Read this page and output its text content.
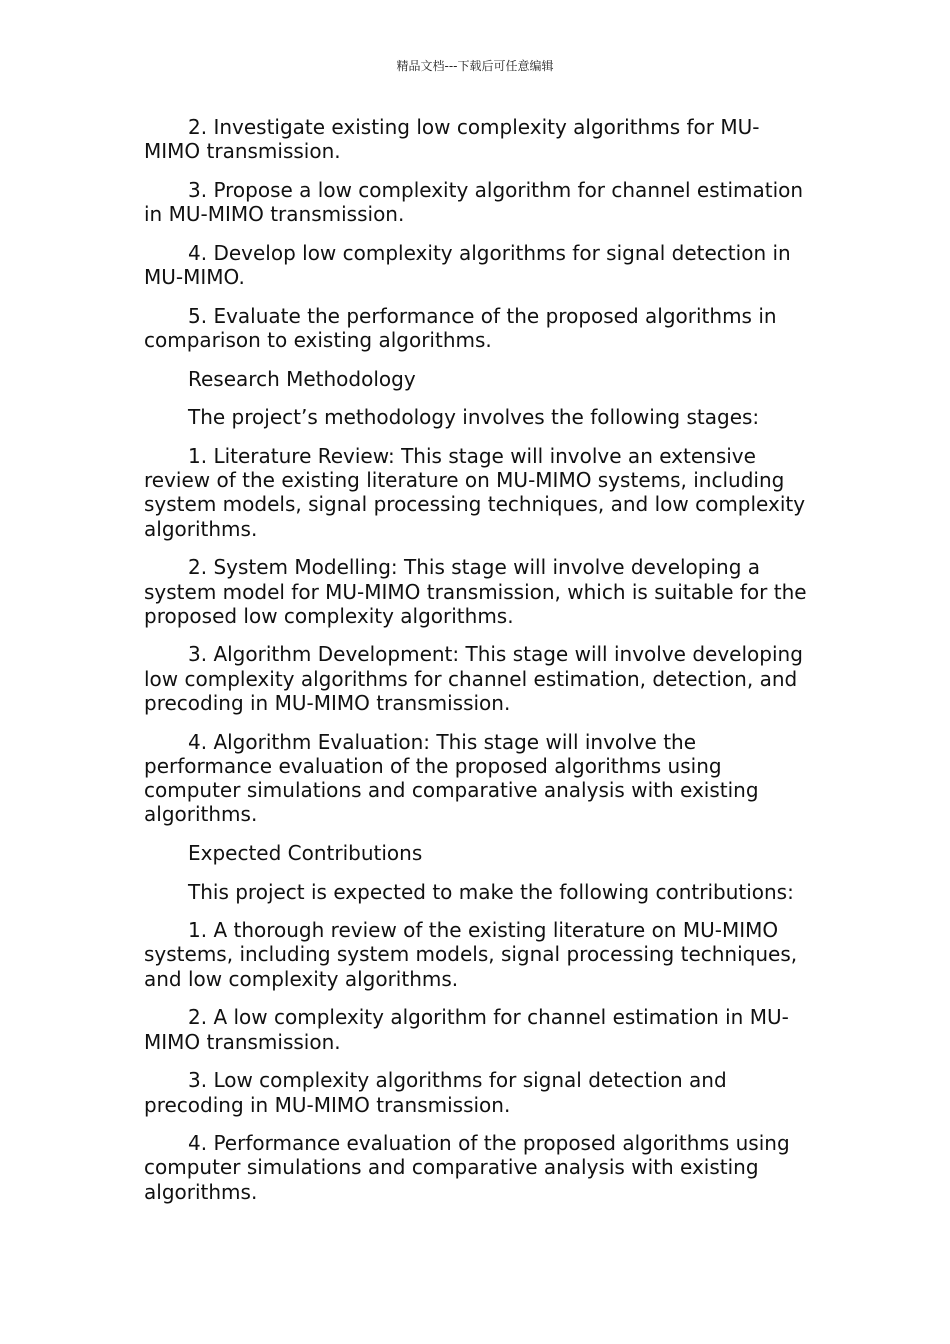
精品文档---下载后可任意编辑

2. Investigate existing low complexity algorithms for MU-MIMO transmission.

3. Propose a low complexity algorithm for channel estimation in MU-MIMO transmission.

4. Develop low complexity algorithms for signal detection in MU-MIMO.

5. Evaluate the performance of the proposed algorithms in comparison to existing algorithms.

Research Methodology

The project’s methodology involves the following stages:

1. Literature Review: This stage will involve an extensive review of the existing literature on MU-MIMO systems, including system models, signal processing techniques, and low complexity algorithms.

2. System Modelling: This stage will involve developing a system model for MU-MIMO transmission, which is suitable for the proposed low complexity algorithms.

3. Algorithm Development: This stage will involve developing low complexity algorithms for channel estimation, detection, and precoding in MU-MIMO transmission.

4. Algorithm Evaluation: This stage will involve the performance evaluation of the proposed algorithms using computer simulations and comparative analysis with existing algorithms.

Expected Contributions

This project is expected to make the following contributions:

1. A thorough review of the existing literature on MU-MIMO systems, including system models, signal processing techniques, and low complexity algorithms.

2. A low complexity algorithm for channel estimation in MU-MIMO transmission.

3. Low complexity algorithms for signal detection and precoding in MU-MIMO transmission.

4. Performance evaluation of the proposed algorithms using computer simulations and comparative analysis with existing algorithms.
